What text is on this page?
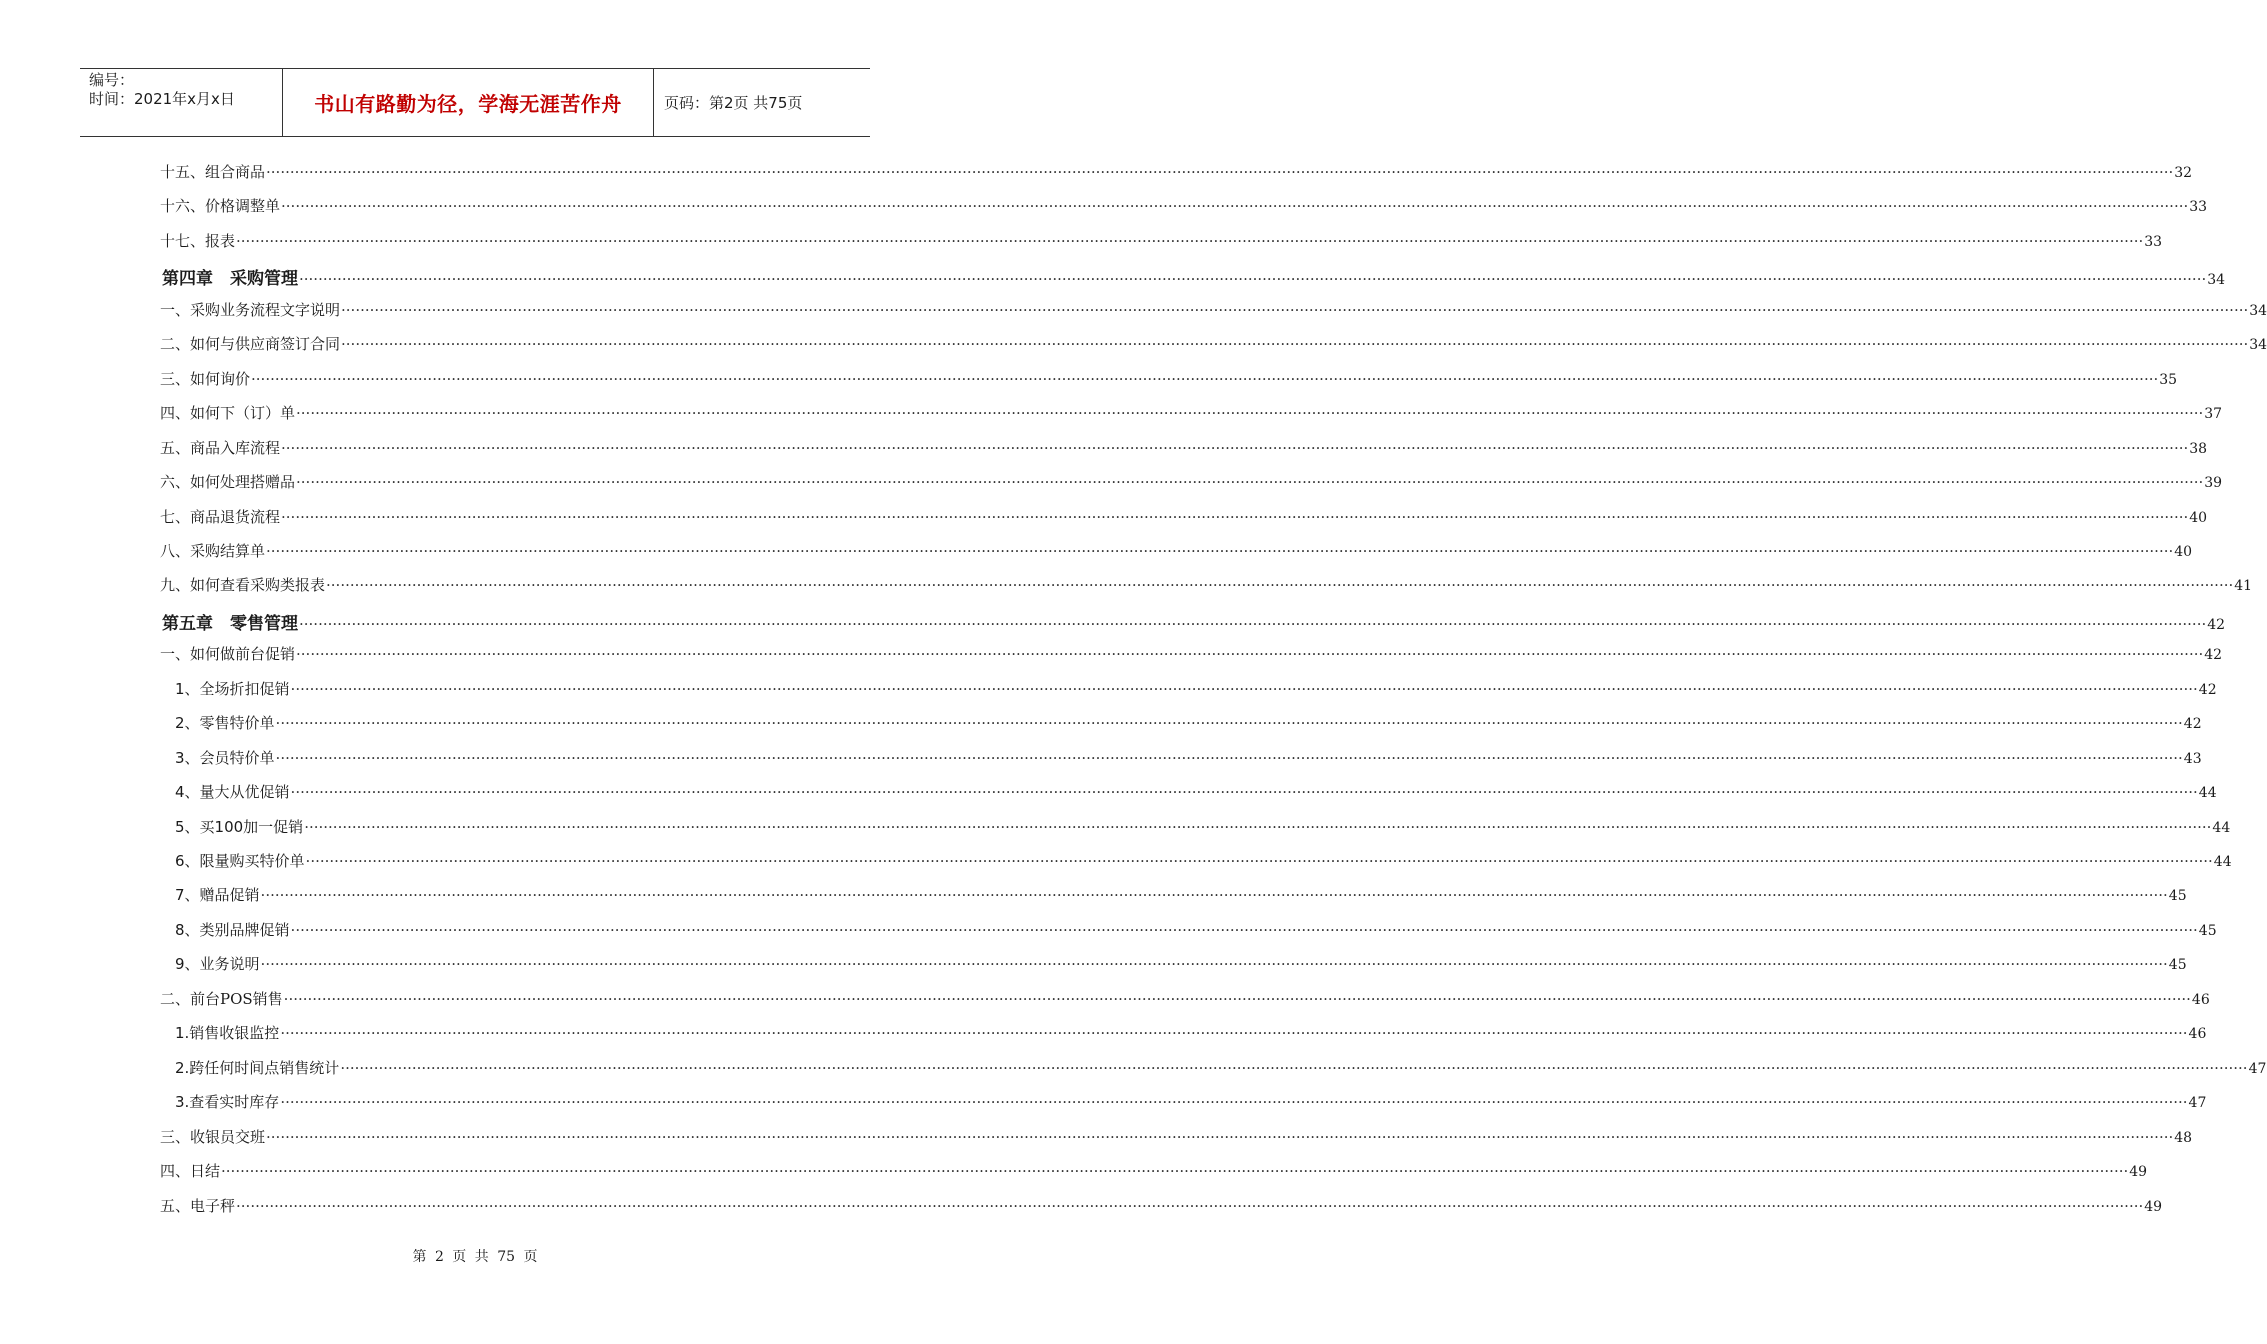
编号：
时间：2021年x月x日	书山有路勤为径，学海无涯苦作舟	页码：第2页 共75页
十五、组合商品 ················································································································································································································································································································································································································ 32
十六、价格调整单 ················································································································································································································································································································································································································ 33
十七、报表 ················································································································································································································································································································································································································ 33
第四章　采购管理 ················································································································································································································································································································································································································ 34
一、采购业务流程文字说明 ················································································································································································································································································································································································································ 34
二、如何与供应商签订合同 ················································································································································································································································································································································································································ 34
三、如何询价 ················································································································································································································································································································································································································ 35
四、如何下（订）单 ················································································································································································································································································································································································································ 37
五、商品入库流程 ················································································································································································································································································································································································································ 38
六、如何处理搭赠品 ················································································································································································································································································································································································································ 39
七、商品退货流程 ················································································································································································································································································································································································································ 40
八、采购结算单 ················································································································································································································································································································································································································ 40
九、如何查看采购类报表 ················································································································································································································································································································································································································ 41
第五章　零售管理 ················································································································································································································································································································································································································ 42
一、如何做前台促销 ················································································································································································································································································································································································································ 42
1、全场折扣促销 ················································································································································································································································································································································································································ 42
2、零售特价单 ················································································································································································································································································································································································································ 42
3、会员特价单 ················································································································································································································································································································································································································ 43
4、量大从优促销 ················································································································································································································································································································································································································ 44
5、买100加一促销 ················································································································································································································································································································································································································ 44
6、限量购买特价单 ················································································································································································································································································································································································································ 44
7、赠品促销 ················································································································································································································································································································································································································ 45
8、类别品牌促销 ················································································································································································································································································································································································································ 45
9、业务说明 ················································································································································································································································································································································································································ 45
二、前台POS销售 ················································································································································································································································································································································································································ 46
1.销售收银监控 ················································································································································································································································································································································································································ 46
2.跨任何时间点销售统计 ················································································································································································································································································································································································································ 47
3.查看实时库存 ················································································································································································································································································································································································································ 47
三、收银员交班 ················································································································································································································································································································································································································ 48
四、日结 ················································································································································································································································································································································································································ 49
五、电子秤 ················································································································································································································································································································································································································ 49
第 2 页 共 75 页
